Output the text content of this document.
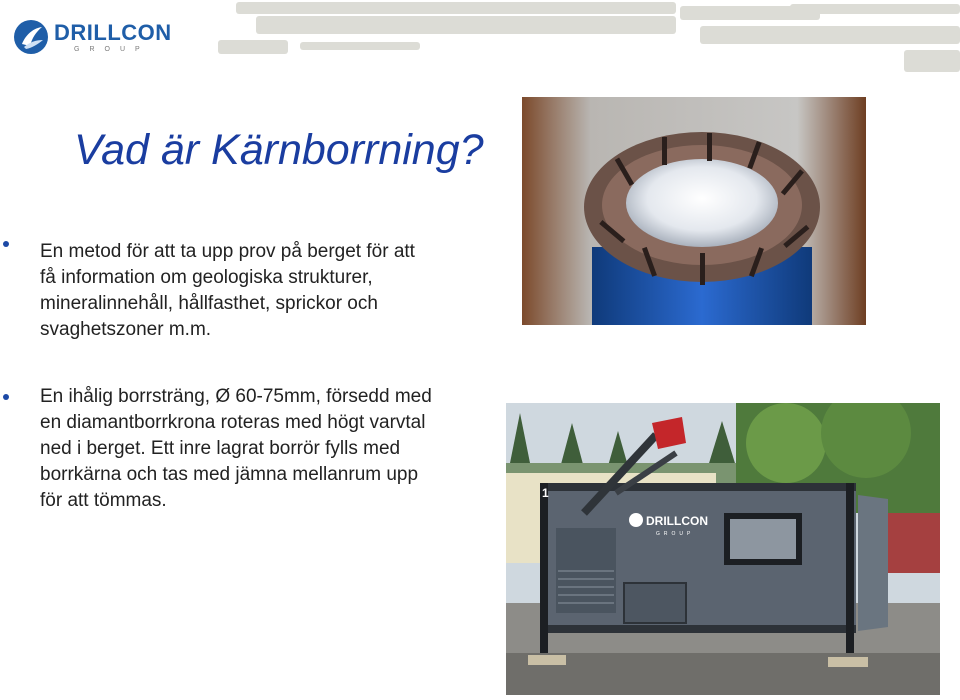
DRILLCON
GROUP
Vad är Kärnborrning?
En metod för att ta upp prov på berget för att
få information om geologiska strukturer,
mineralinnehåll, hållfasthet, sprickor och
svaghetszoner m.m.
En ihålig borrsträng, Ø 60-75mm, försedd med
en diamantborrkrona roteras med högt varvtal
ned i berget. Ett inre lagrat borrör fylls med
borrkärna och tas med jämna mellanrum upp
för att tömmas.
DRILLCON
GROUP
1
